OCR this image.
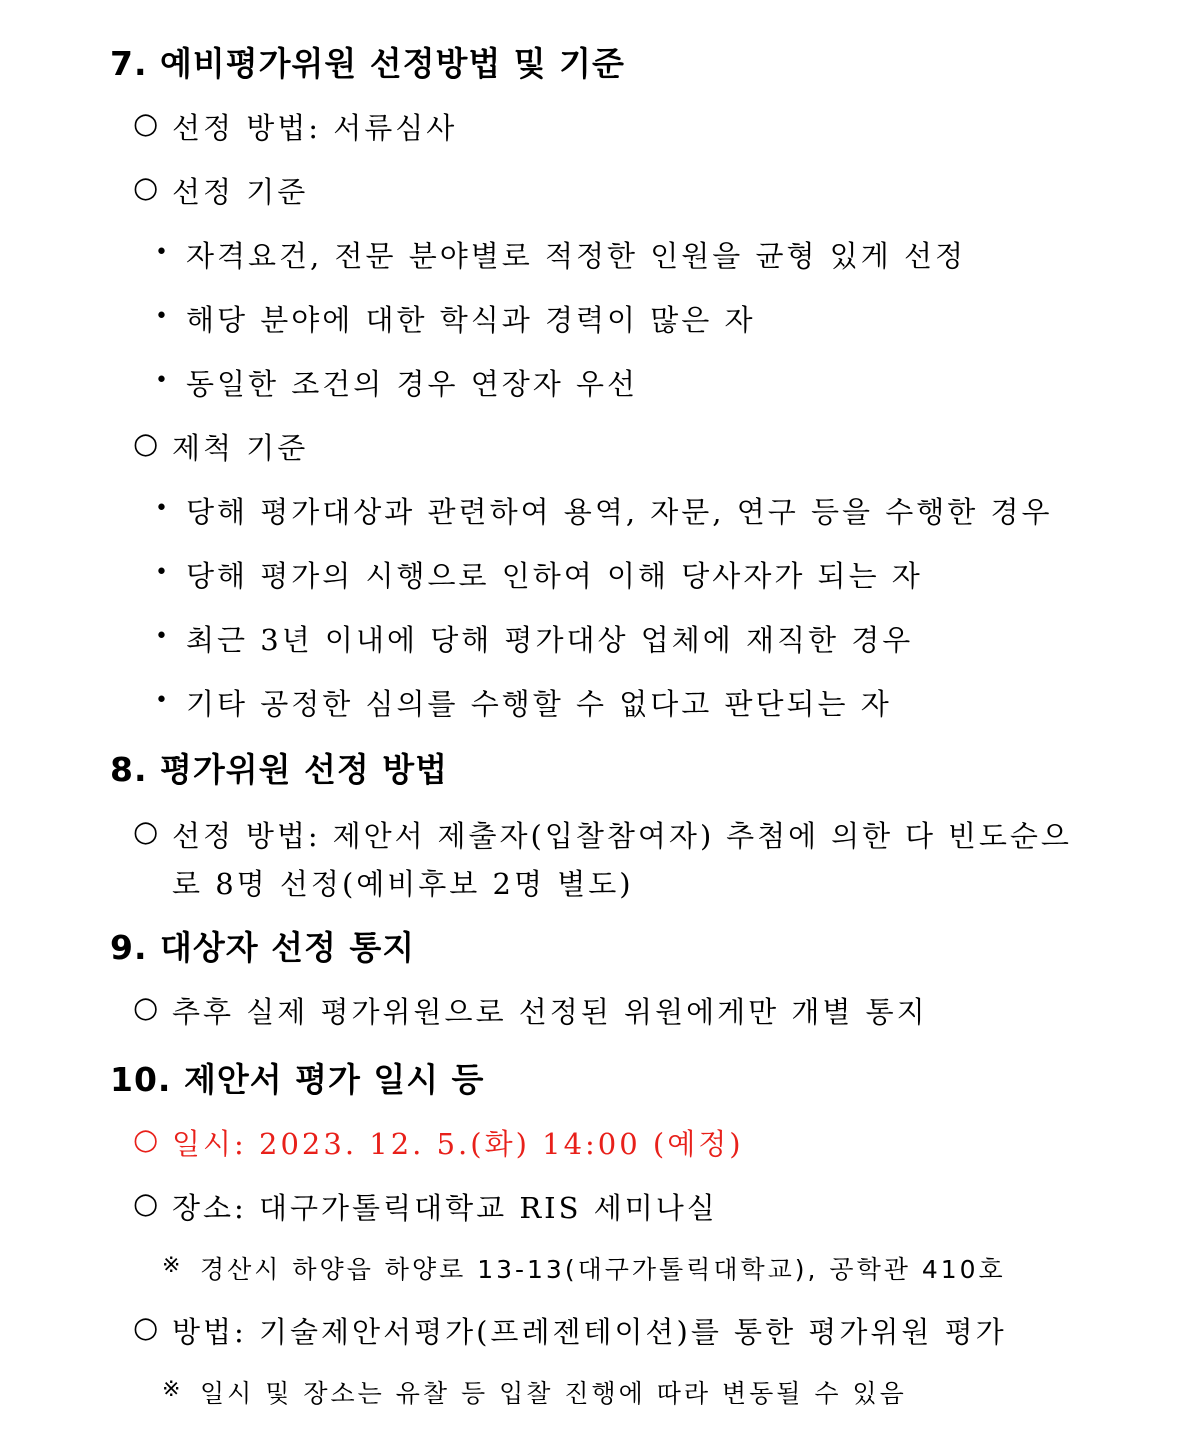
7. 예비평가위원 선정방법 및 기준
○ 선정 방법: 서류심사
○ 선정 기준
• 자격요건, 전문 분야별로 적정한 인원을 균형 있게 선정
• 해당 분야에 대한 학식과 경력이 많은 자
• 동일한 조건의 경우 연장자 우선
○ 제척 기준
• 당해 평가대상과 관련하여 용역, 자문, 연구 등을 수행한 경우
• 당해 평가의 시행으로 인하여 이해 당사자가 되는 자
• 최근 3년 이내에 당해 평가대상 업체에 재직한 경우
• 기타 공정한 심의를 수행할 수 없다고 판단되는 자
8. 평가위원 선정 방법
○ 선정 방법: 제안서 제출자(입찰참여자) 추첨에 의한 다 빈도순으
로 8명 선정(예비후보 2명 별도)
9. 대상자 선정 통지
○ 추후 실제 평가위원으로 선정된 위원에게만 개별 통지
10. 제안서 평가 일시 등
○ 일시: 2023. 12. 5.(화) 14:00 (예정)
○ 장소: 대구가톨릭대학교 RIS 세미나실
※ 경산시 하양읍 하양로 13-13(대구가톨릭대학교), 공학관 410호
○ 방법: 기술제안서평가(프레젠테이션)를 통한 평가위원 평가
※ 일시 및 장소는 유찰 등 입찰 진행에 따라 변동될 수 있음
